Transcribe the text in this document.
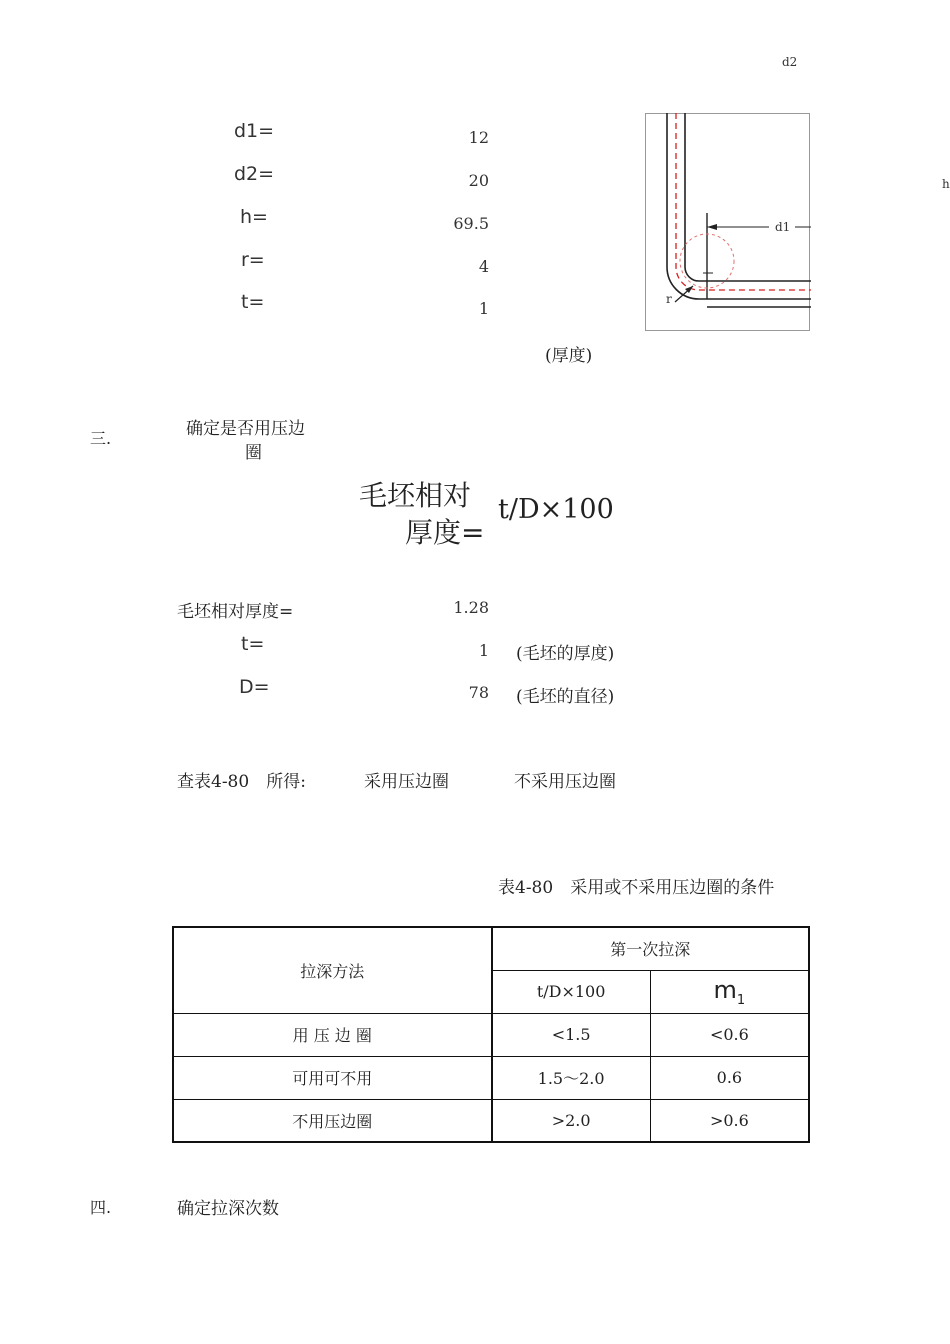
d2
h
d1=	12
d2=	20
h=	69.5
r=	4
t=	1
(厚度)
d1
r
三.	确定是否用压边
圈
毛坯相对
厚度=
t/D×100
毛坯相对厚度=	1.28
t=	1 (毛坯的厚度)
D=	78 (毛坯的直径)
查表4-80　所得:	采用压边圈	不采用压边圈
表4-80　采用或不采用压边圈的条件
拉深方法	第一次拉深	
	t/D×100	$m_1$
用 压 边 圈	<1.5	<0.6
可用可不用	1.5～2.0	0.6
不用压边圈	>2.0	>0.6
四.	确定拉深次数
